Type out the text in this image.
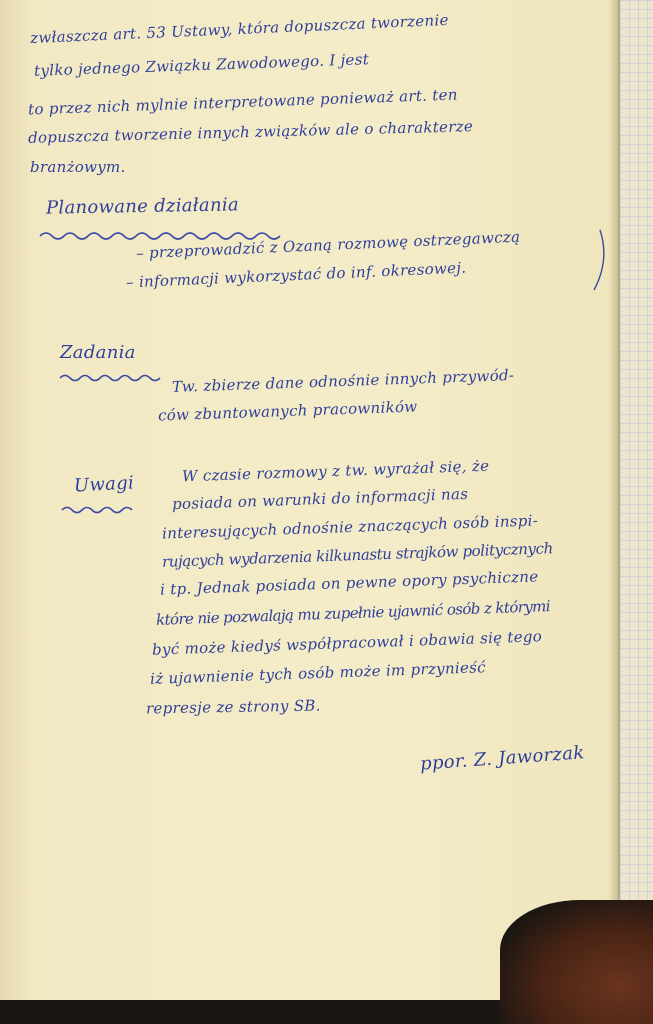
zwłaszcza art. 53 Ustawy, która dopuszcza tworzenie

tylko jednego Związku Zawodowego. I jest

to przez nich mylnie interpretowane ponieważ art. ten

dopuszcza tworzenie innych związków ale o charakterze

branżowym.

Planowane działania

– przeprowadzić z Ozaną rozmowę ostrzegawczą

– informacji wykorzystać do inf. okresowej.

Zadania

Tw. zbierze dane odnośnie innych przywód-

ców zbuntowanych pracowników

Uwagi	W czasie rozmowy z tw. wyrażał się, że

posiada on warunki do informacji nas

interesujących odnośnie znaczących osób inspi-

rujących wydarzenia kilkunastu strajków politycznych

i tp. Jednak posiada on pewne opory psychiczne

które nie pozwalają mu zupełnie ujawnić osób z którymi

być może kiedyś współpracował i obawia się tego

iż ujawnienie tych osób może im przynieść

represje ze strony SB.

ppor. Z. Jaworzak
